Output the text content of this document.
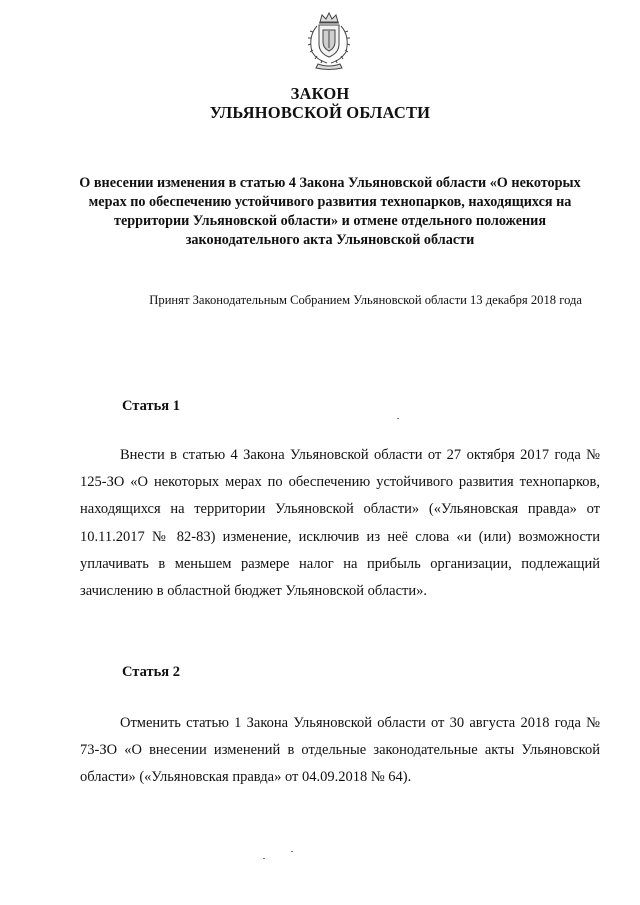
ЗАКОН
УЛЬЯНОВСКОЙ ОБЛАСТИ
О внесении изменения в статью 4 Закона Ульяновской области «О некоторых мерах по обеспечению устойчивого развития технопарков, находящихся на территории Ульяновской области» и отмене отдельного положения законодательного акта Ульяновской области
Принят Законодательным Собранием Ульяновской области 13 декабря 2018 года
Статья 1
Внести в статью 4 Закона Ульяновской области от 27 октября 2017 года № 125-ЗО «О некоторых мерах по обеспечению устойчивого развития технопарков, находящихся на территории Ульяновской области» («Ульяновская правда» от 10.11.2017 № 82-83) изменение, исключив из неё слова «и (или) возможности уплачивать в меньшем размере налог на прибыль организации, подлежащий зачислению в областной бюджет Ульяновской области».
Статья 2
Отменить статью 1 Закона Ульяновской области от 30 августа 2018 года № 73-ЗО «О внесении изменений в отдельные законодательные акты Ульяновской области» («Ульяновская правда» от 04.09.2018 № 64).
